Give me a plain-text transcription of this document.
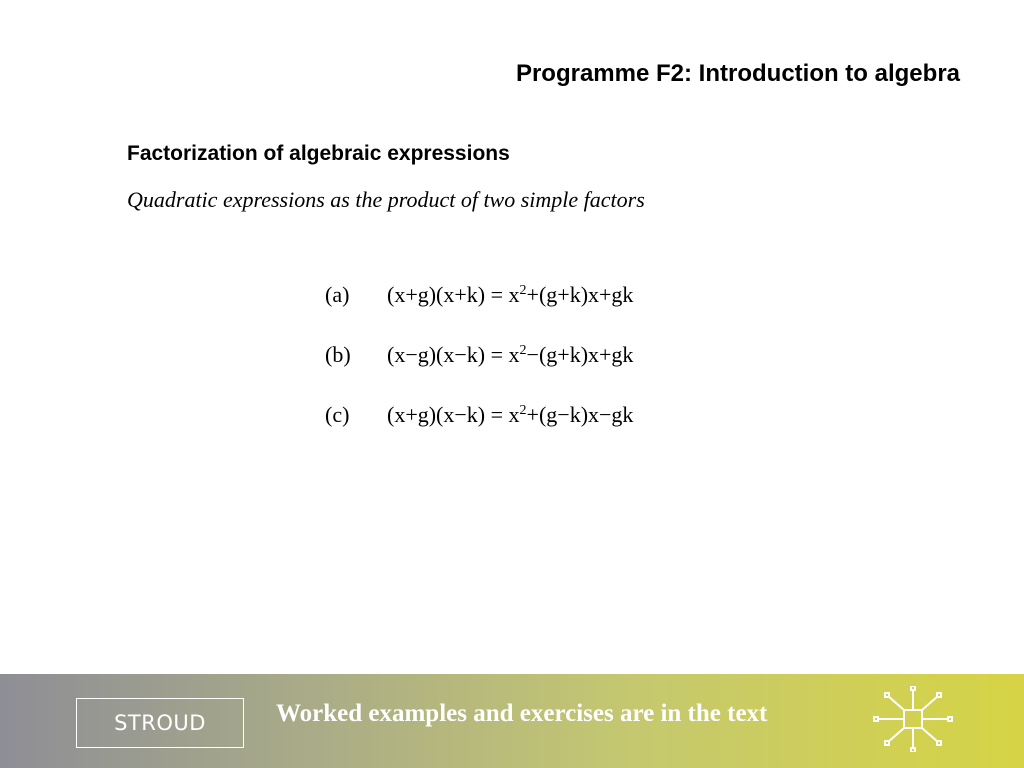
Programme F2: Introduction to algebra
Factorization of algebraic expressions
Quadratic expressions as the product of two simple factors
(a)	$(x+g)(x+k) = x^2+(g+k)x+gk$
(b)	$(x-g)(x-k) = x^2-(g+k)x+gk$
(c)	$(x+g)(x-k) = x^2+(g-k)x-gk$
STROUD	Worked examples and exercises are in the text
